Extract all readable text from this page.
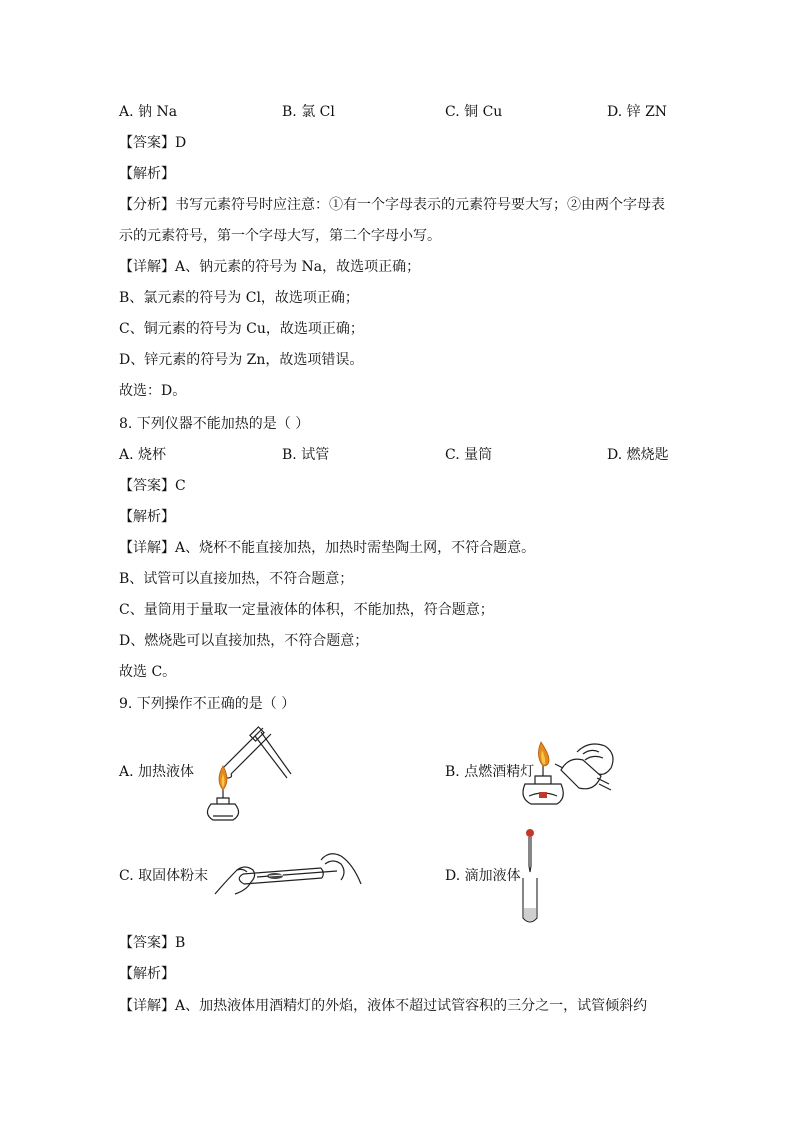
A. 钠 Na	B. 氯 Cl	C. 铜 Cu	D. 锌 ZN
【答案】D
【解析】
【分析】书写元素符号时应注意：①有一个字母表示的元素符号要大写；②由两个字母表
示的元素符号，第一个字母大写，第二个字母小写。
【详解】A、钠元素的符号为 Na，故选项正确；
B、氯元素的符号为 Cl，故选项正确；
C、铜元素的符号为 Cu，故选项正确；
D、锌元素的符号为 Zn，故选项错误。
故选：D。
8. 下列仪器不能加热的是（ ）
A. 烧杯	B. 试管	C. 量筒	D. 燃烧匙
【答案】C
【解析】
【详解】A、烧杯不能直接加热，加热时需垫陶土网，不符合题意。
B、试管可以直接加热，不符合题意；
C、量筒用于量取一定量液体的体积，不能加热，符合题意；
D、燃烧匙可以直接加热，不符合题意；
故选 C。
9. 下列操作不正确的是（ ）
A. 加热液体	B. 点燃酒精灯
C. 取固体粉末	D. 滴加液体
【答案】B
【解析】
【详解】A、加热液体用酒精灯的外焰，液体不超过试管容积的三分之一，试管倾斜约
